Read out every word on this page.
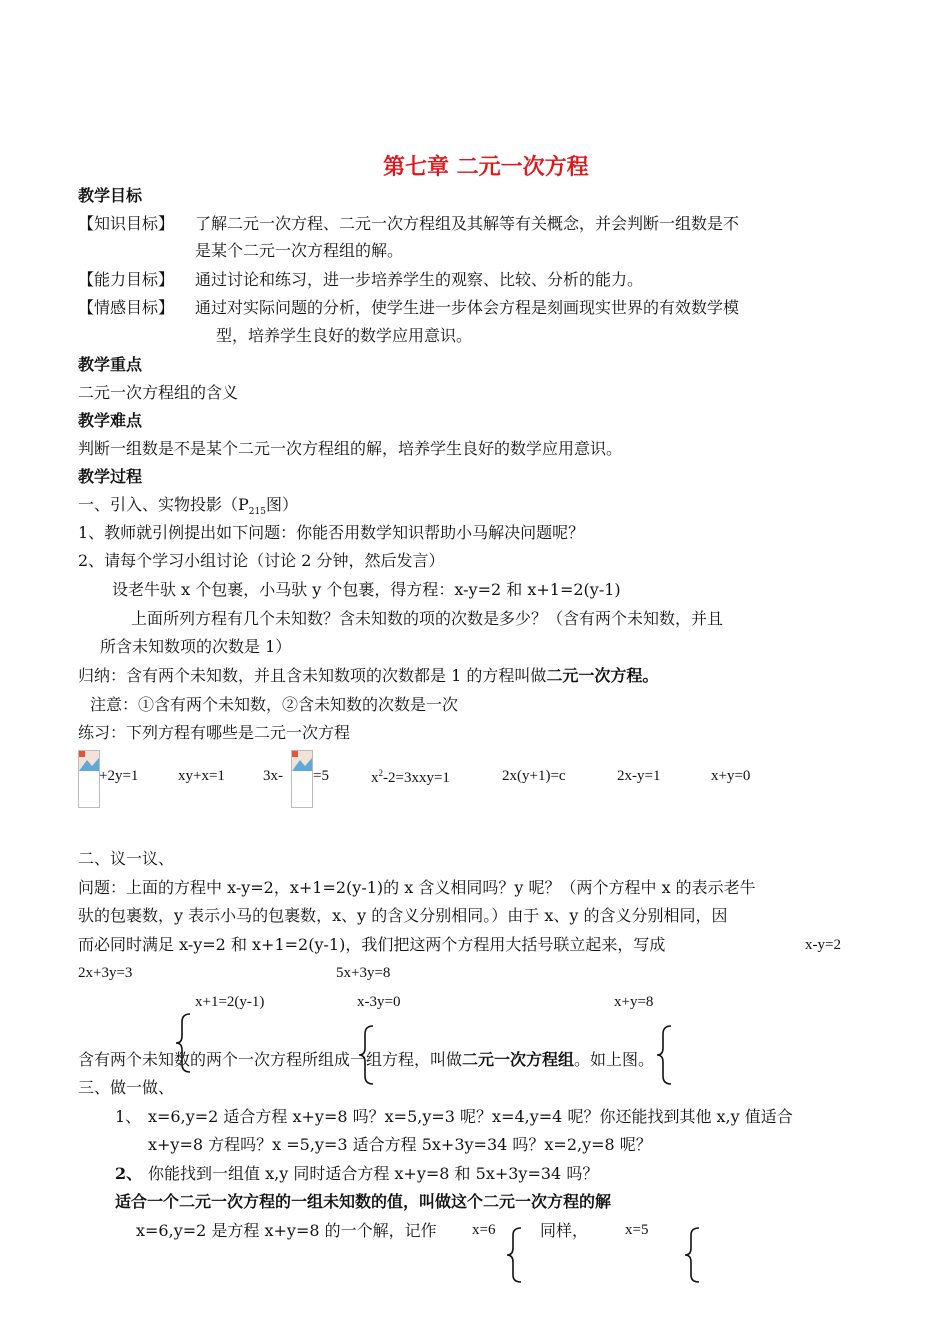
第七章 二元一次方程
教学目标
【知识目标】 了解二元一次方程、二元一次方程组及其解等有关概念，并会判断一组数是不
是某个二元一次方程组的解。
【能力目标】 通过讨论和练习，进一步培养学生的观察、比较、分析的能力。
【情感目标】 通过对实际问题的分析，使学生进一步体会方程是刻画现实世界的有效数学模
型，培养学生良好的数学应用意识。
教学重点
二元一次方程组的含义
教学难点
判断一组数是不是某个二元一次方程组的解，培养学生良好的数学应用意识。
教学过程
一、引入、实物投影（$P_{215}$图）
1、教师就引例提出如下问题：你能否用数学知识帮助小马解决问题呢？
2、请每个学习小组讨论（讨论 2 分钟，然后发言）
设老牛驮 x 个包裹，小马驮 y 个包裹，得方程：x-y=2 和 x+1=2(y-1)
上面所列方程有几个未知数？含未知数的项的次数是多少？（含有两个未知数，并且
所含未知数项的次数是 1）
归纳：含有两个未知数，并且含未知数项的次数都是 1 的方程叫做二元一次方程。
注意：①含有两个未知数，②含未知数的次数是一次
练习：下列方程有哪些是二元一次方程
+2y=1	xy+x=1	3x- =5	$x^2-2=3xxy=1$	2x(y+1)=c	2x-y=1	x+y=0
二、议一议、
问题：上面的方程中 x-y=2，x+1=2(y-1)的 x 含义相同吗？y 呢？（两个方程中 x 的表示老牛
驮的包裹数，y 表示小马的包裹数，x、y 的含义分别相同。）由于 x、y 的含义分别相同，因
而必同时满足 x-y=2 和 x+1=2(y-1)，我们把这两个方程用大括号联立起来，写成	x-y=2
2x+3y=3	5x+3y=8
x+1=2(y-1)	x-3y=0	x+y=8
含有两个未知数的两个一次方程所组成一组方程，叫做二元一次方程组。如上图。
三、做一做、
1、 x=6,y=2 适合方程 x+y=8 吗？x=5,y=3 呢？x=4,y=4 呢？你还能找到其他 x,y 值适合
x+y=8 方程吗？x =5,y=3 适合方程 5x+3y=34 吗？x=2,y=8 呢？
2、 你能找到一组值 x,y 同时适合方程 x+y=8 和 5x+3y=34 吗？
适合一个二元一次方程的一组未知数的值，叫做这个二元一次方程的解
x=6,y=2 是方程 x+y=8 的一个解，记作 x=6	同样， x=5
